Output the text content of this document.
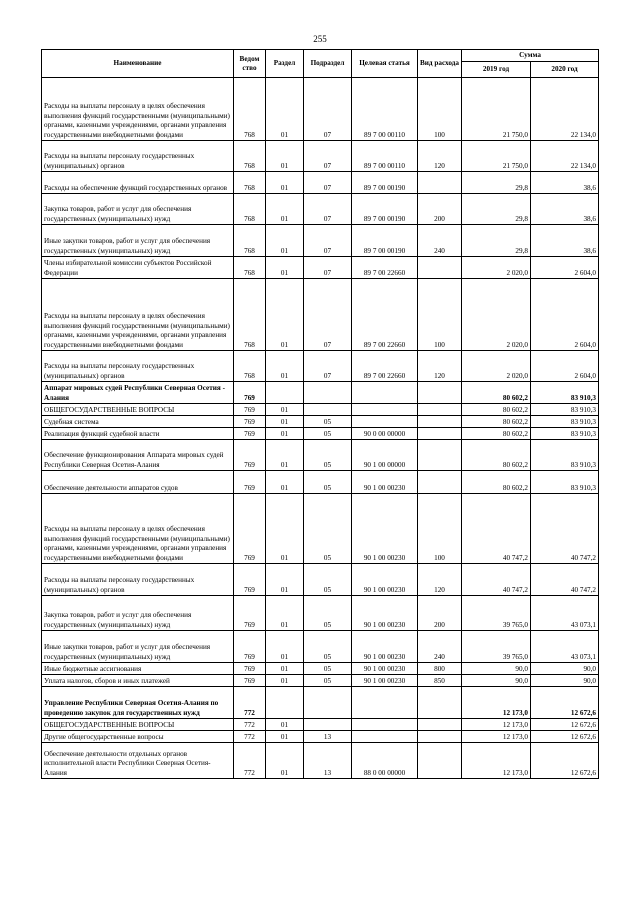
255
Наименование	Ведом ство	Раздел	Подраздел	Целевая статья	Вид расхода	Сумма	
						2019 год	2020 год
Расходы на выплаты персоналу в целях обеспечения выполнения функций государственными (муниципальными) органами, казенными учреждениями, органами управления государственными внебюджетными фондами	768	01	07	89 7 00 00110	100	21 750,0	22 134,0
Расходы на выплаты персоналу государственных (муниципальных) органов	768	01	07	89 7 00 00110	120	21 750,0	22 134,0
Расходы на обеспечение функций государственных органов	768	01	07	89 7 00 00190		29,8	38,6
Закупка товаров, работ и услуг для обеспечения государственных (муниципальных) нужд	768	01	07	89 7 00 00190	200	29,8	38,6
Иные закупки товаров, работ и услуг для обеспечения государственных (муниципальных) нужд	768	01	07	89 7 00 00190	240	29,8	38,6
Члены избирательной комиссии субъектов Российской Федерации	768	01	07	89 7 00 22660		2 020,0	2 604,0
Расходы на выплаты персоналу в целях обеспечения выполнения функций государственными (муниципальными) органами, казенными учреждениями, органами управления государственными внебюджетными фондами	768	01	07	89 7 00 22660	100	2 020,0	2 604,0
Расходы на выплаты персоналу государственных (муниципальных) органов	768	01	07	89 7 00 22660	120	2 020,0	2 604,0
Аппарат мировых судей Республики Северная Осетия - Алания	769					80 602,2	83 910,3
ОБЩЕГОСУДАРСТВЕННЫЕ ВОПРОСЫ	769	01				80 602,2	83 910,3
Судебная система	769	01	05			80 602,2	83 910,3
Реализация функций судебной власти	769	01	05	90 0 00 00000		80 602,2	83 910,3
Обеспечение функционирования Аппарата мировых судей Республики Северная Осетия-Алания	769	01	05	90 1 00 00000		80 602,2	83 910,3
Обеспечение деятельности аппаратов судов	769	01	05	90 1 00 00230		80 602,2	83 910,3
Расходы на выплаты персоналу в целях обеспечения выполнения функций государственными (муниципальными) органами, казенными учреждениями, органами управления государственными внебюджетными фондами	769	01	05	90 1 00 00230	100	40 747,2	40 747,2
Расходы на выплаты персоналу государственных (муниципальных) органов	769	01	05	90 1 00 00230	120	40 747,2	40 747,2
Закупка товаров, работ и услуг для обеспечения государственных (муниципальных) нужд	769	01	05	90 1 00 00230	200	39 765,0	43 073,1
Иные закупки товаров, работ и услуг для обеспечения государственных (муниципальных) нужд	769	01	05	90 1 00 00230	240	39 765,0	43 073,1
Иные бюджетные ассигнования	769	01	05	90 1 00 00230	800	90,0	90,0
Уплата налогов, сборов и иных платежей	769	01	05	90 1 00 00230	850	90,0	90,0
Управление Республики Северная Осетия-Алания по проведению закупок для государственных нужд	772					12 173,0	12 672,6
ОБЩЕГОСУДАРСТВЕННЫЕ ВОПРОСЫ	772	01				12 173,0	12 672,6
Другие общегосударственные вопросы	772	01	13			12 173,0	12 672,6
Обеспечение деятельности отдельных органов исполнительной власти Республики Северная Осетия-Алания	772	01	13	88 0 00 00000		12 173,0	12 672,6
